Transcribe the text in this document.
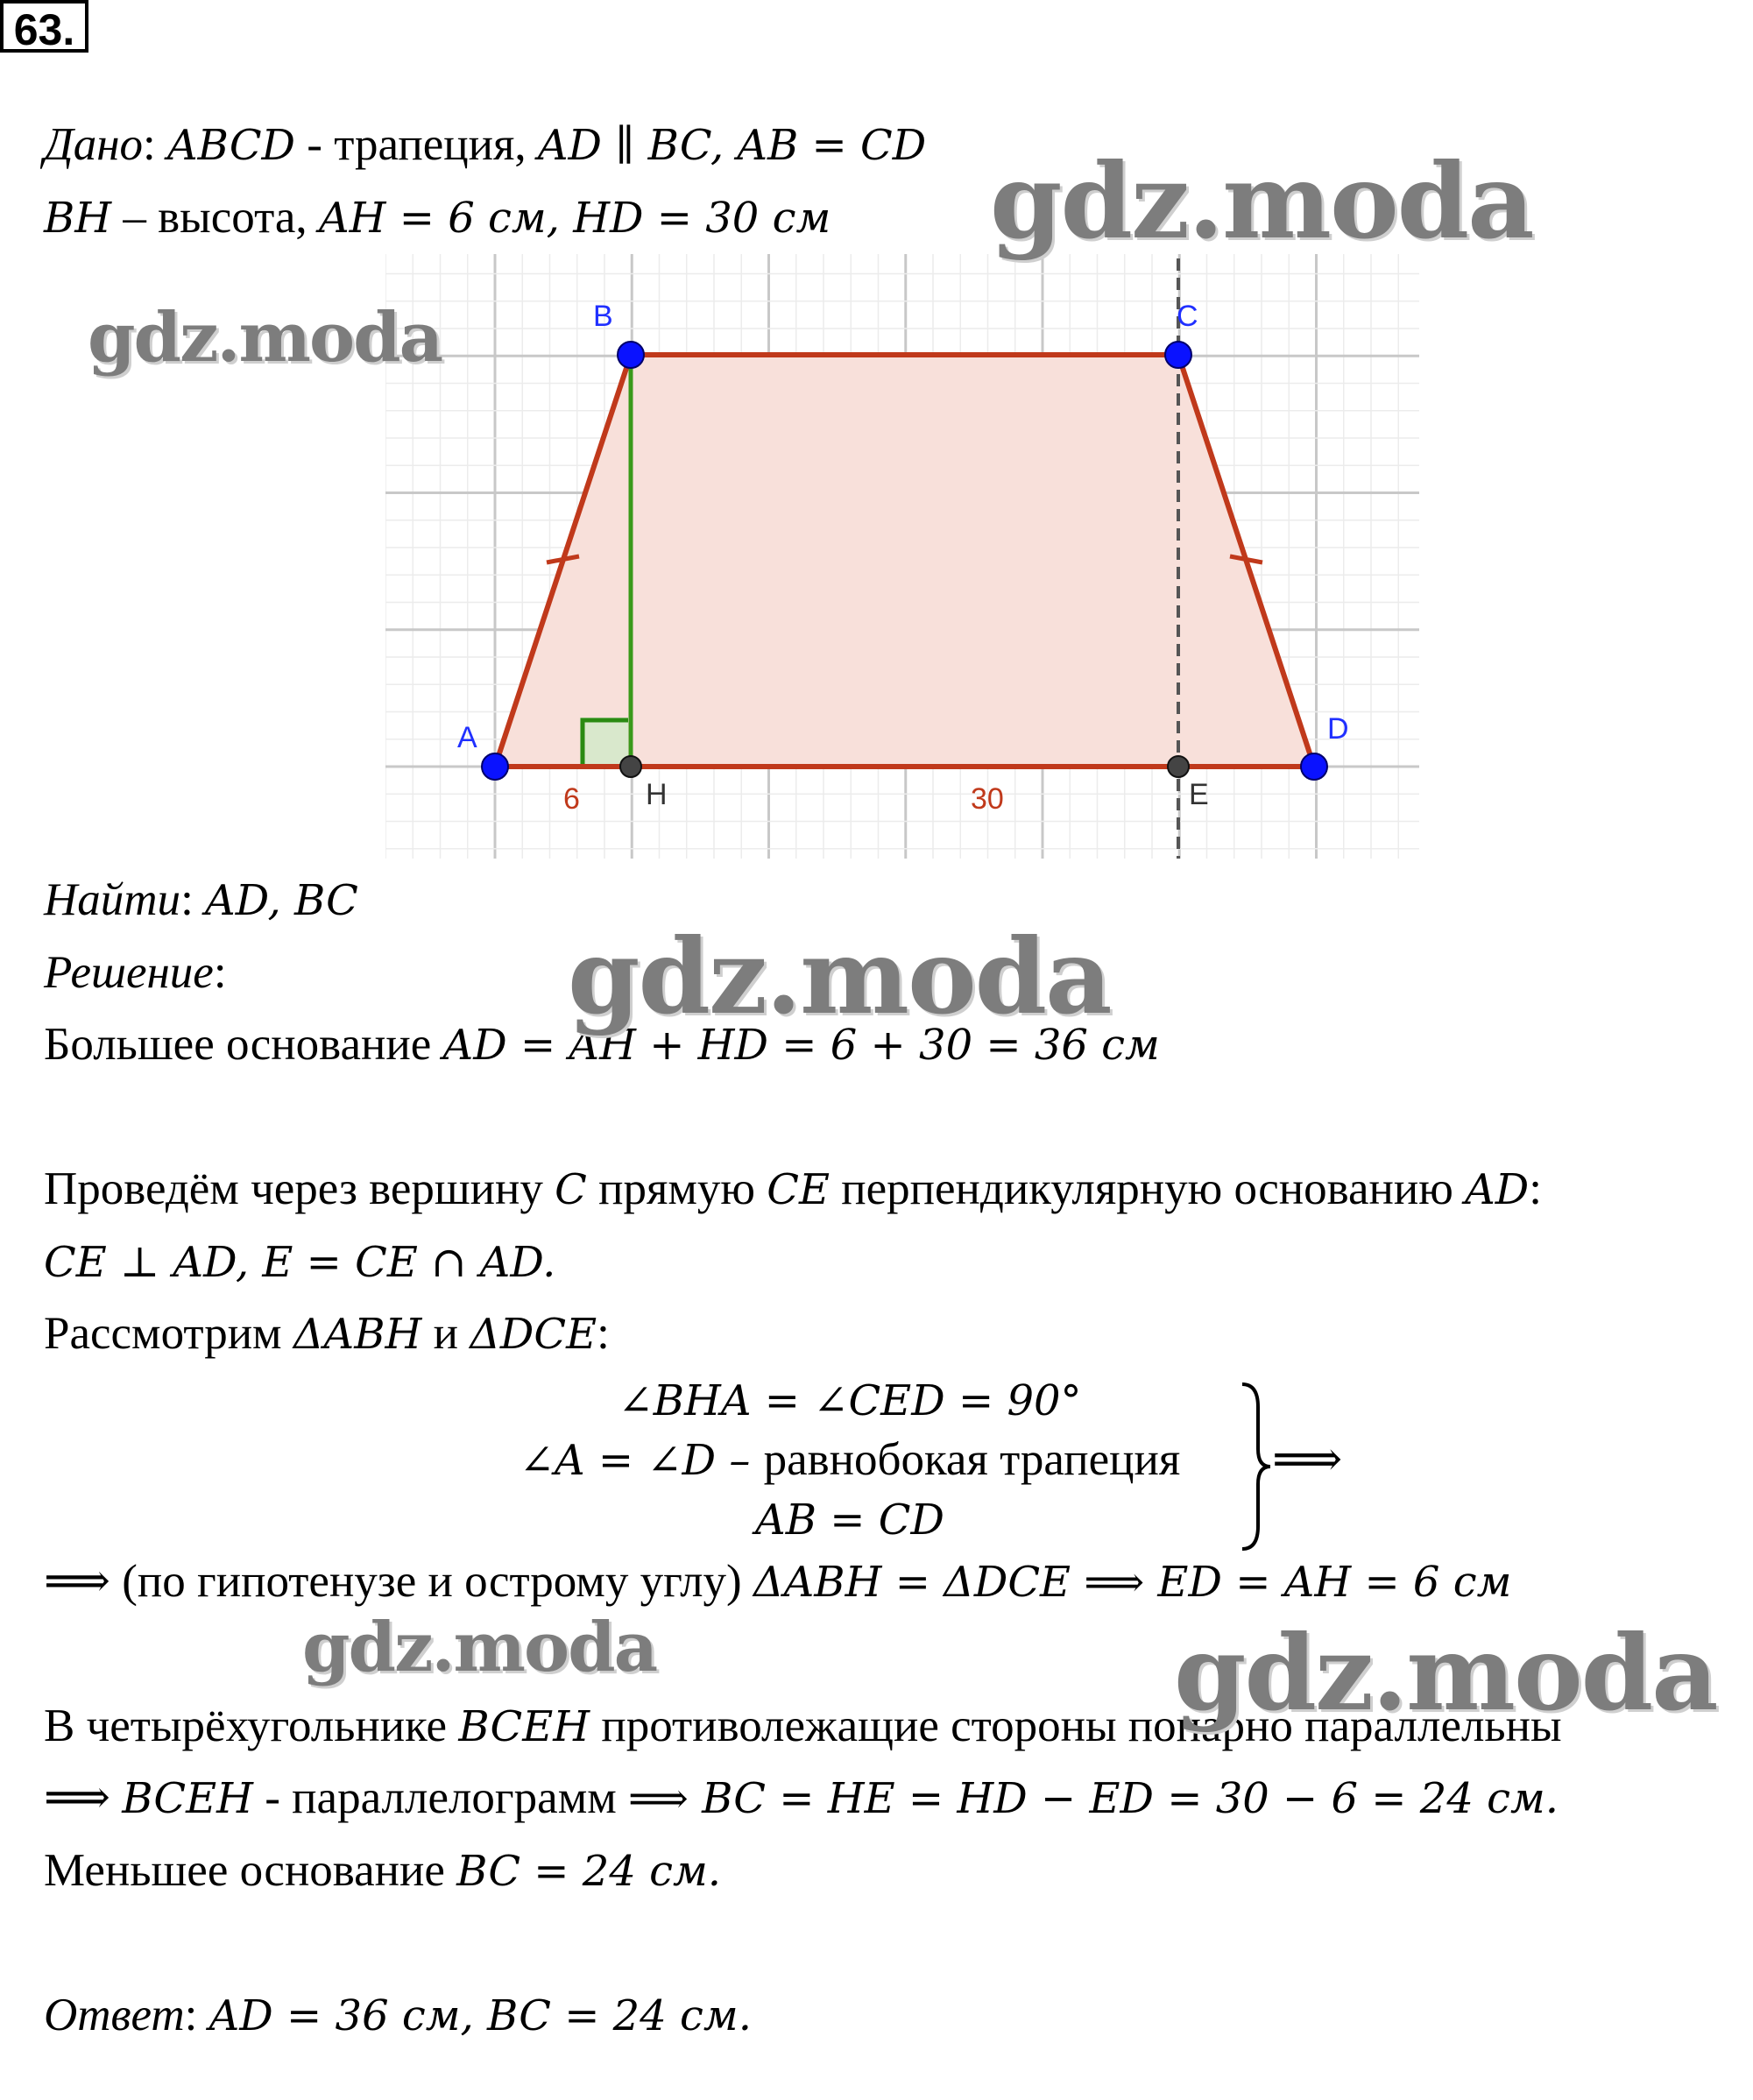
63.
Дано: ABCD - трапеция, AD ∥ BC, AB = CD
BH – высота, AH = 6 см, HD = 30 см
A
B	C
D
H	E
6	30
Найти: AD, BC
Решение:
Большее основание AD = AH + HD = 6 + 30 = 36 см
Проведём через вершину C прямую CE перпендикулярную основанию AD:
CE ⊥ AD, E = CE ∩ AD.
Рассмотрим ΔABH и ΔDCE:
∠BHA = ∠CED = 90°
∠A = ∠D – равнобокая трапеция
AB = CD
⟹
⟹ (по гипотенузе и острому углу) ΔABH = ΔDCE ⟹ ED = AH = 6 см
В четырёхугольнике BCEH противолежащие стороны попарно параллельны
⟹ BCEH - параллелограмм ⟹ BC = HE = HD − ED = 30 − 6 = 24 см.
Меньшее основание BC = 24 см.
Ответ: AD = 36 см, BC = 24 см.
gdz.moda
gdz.moda
gdz.moda
gdz.moda	gdz.moda
